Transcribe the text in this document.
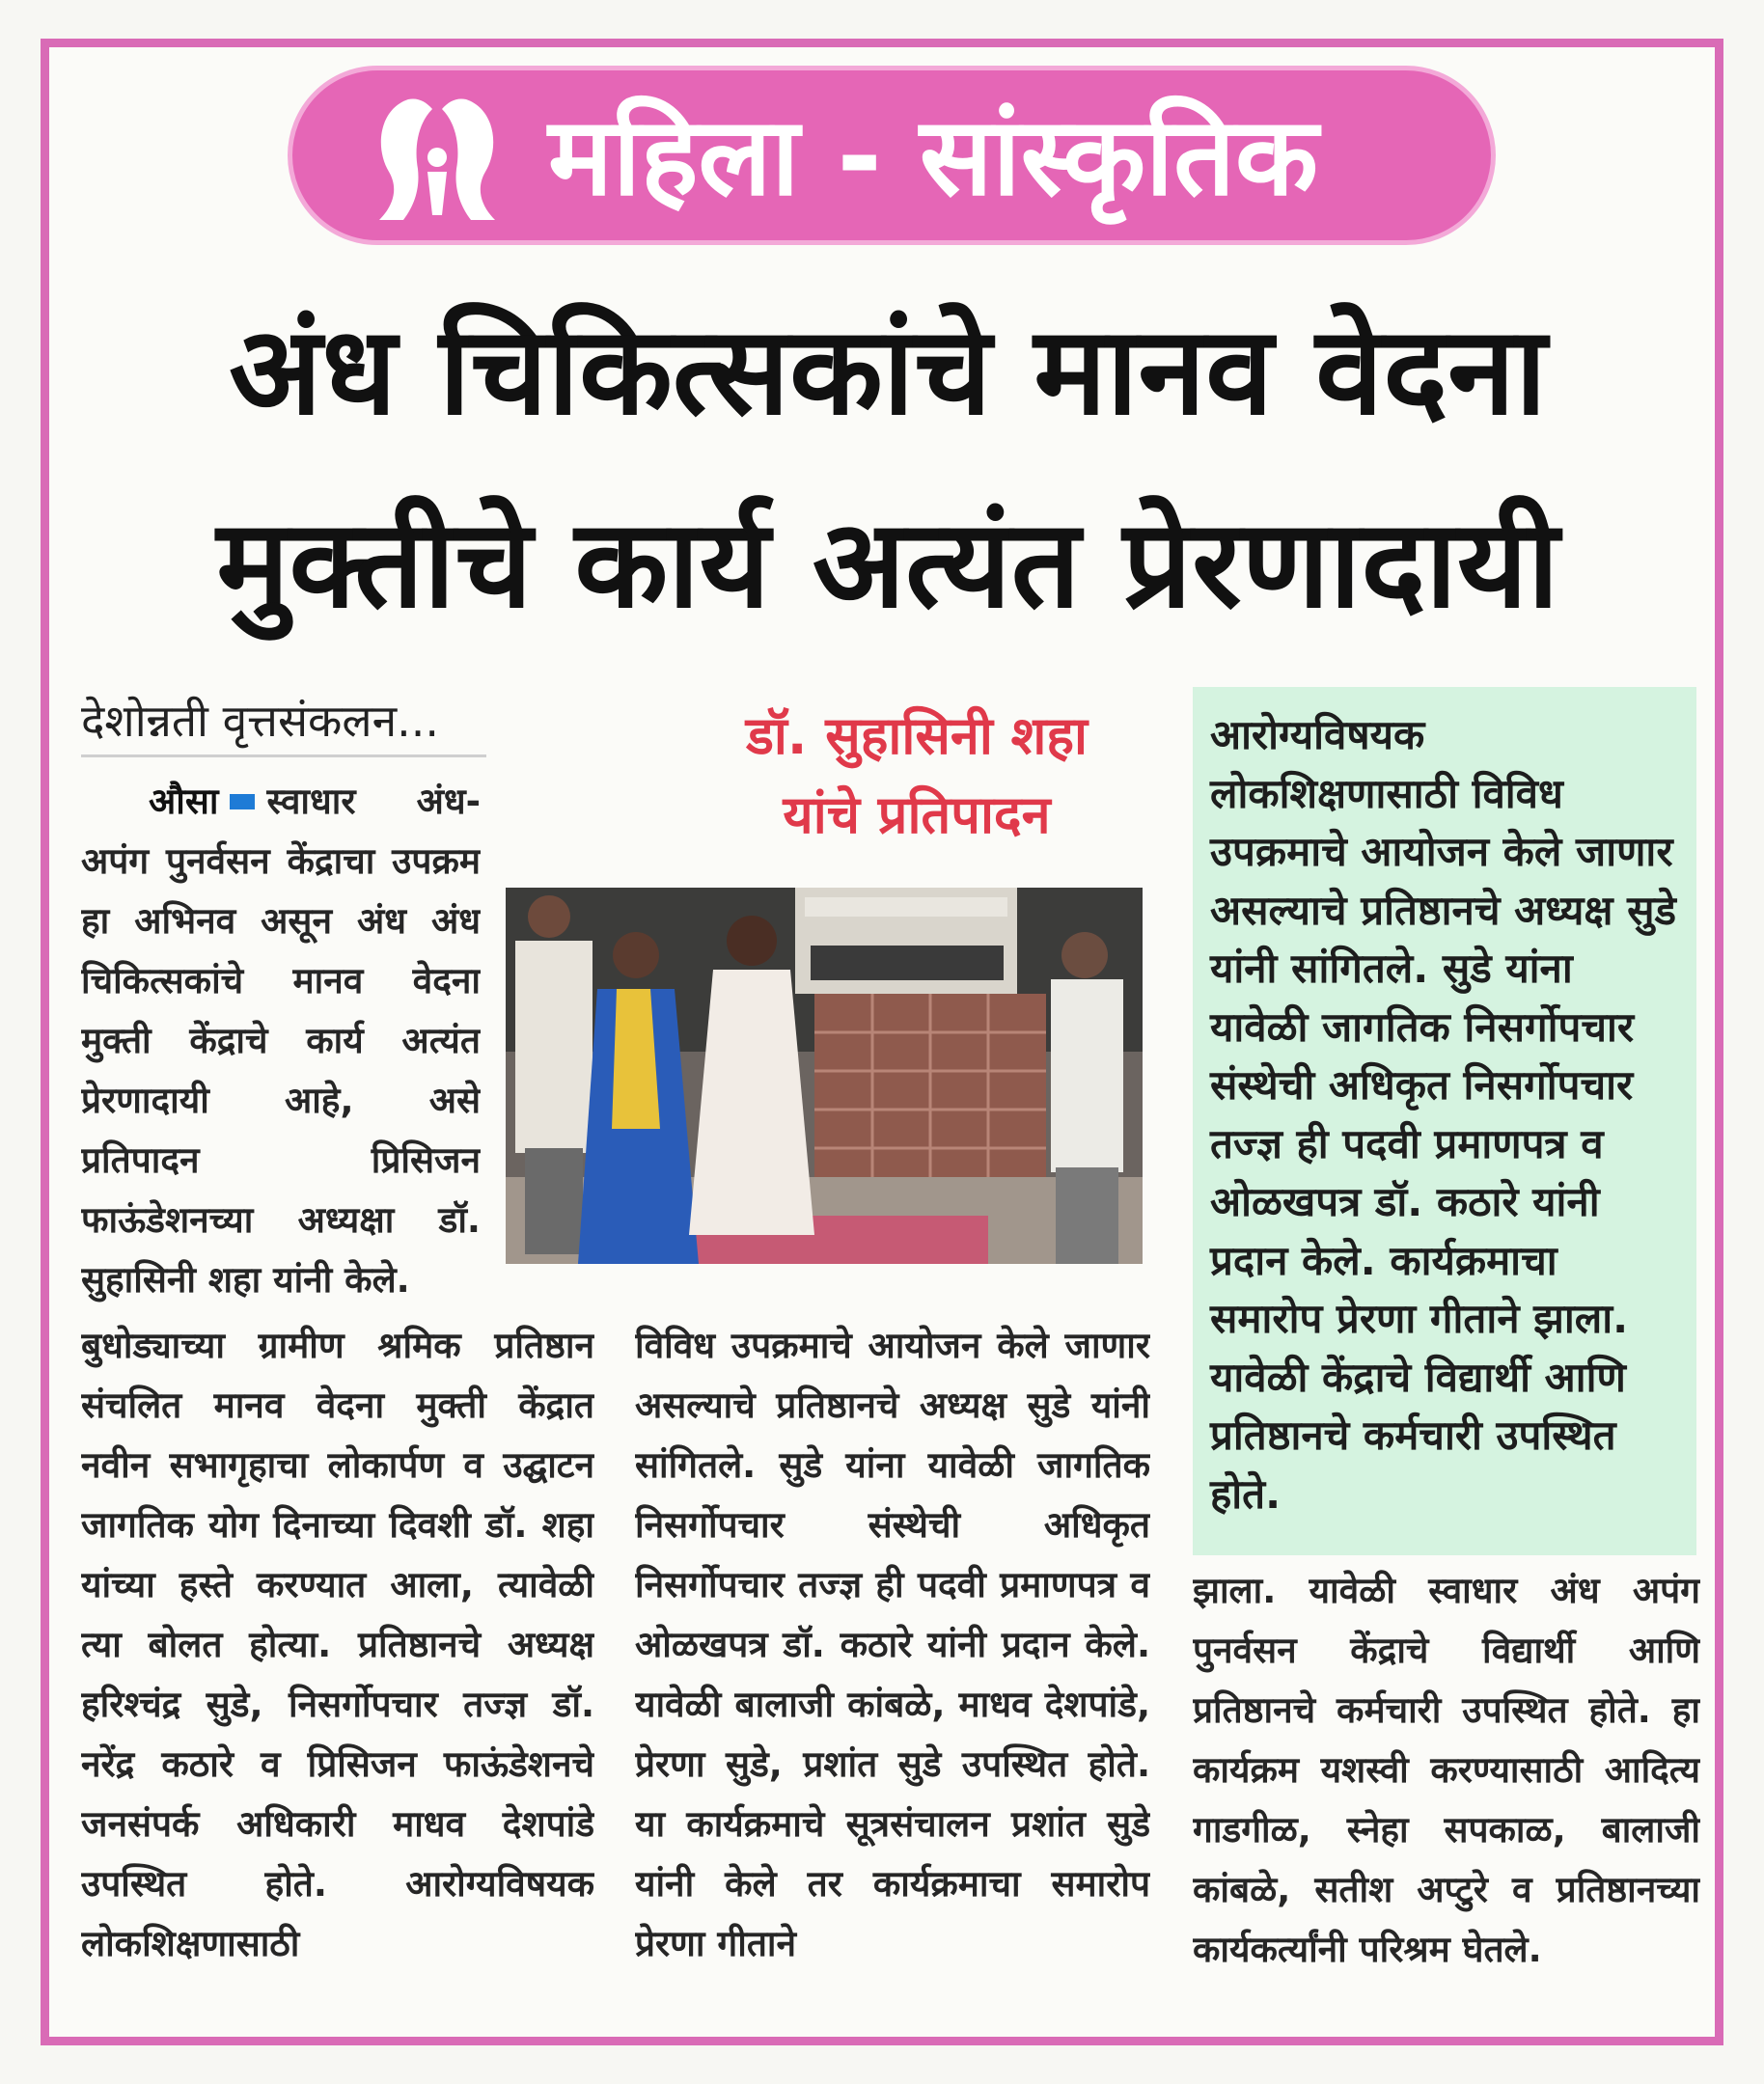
महिला - सांस्कृतिक
अंध चिकित्सकांचे मानव वेदना
मुक्तीचे कार्य अत्यंत प्रेरणादायी
देशोन्नती वृत्तसंकलन...	डॉ. सुहासिनी शहा
यांचे प्रतिपादन

आरोग्यविषयक लोकशिक्षणासाठी विविध उपक्रमाचे आयोजन केले जाणार असल्याचे प्रतिष्ठानचे अध्यक्ष सुडे यांनी सांगितले. सुडे यांना यावेळी जागतिक निसर्गोपचार संस्थेची अधिकृत निसर्गोपचार तज्ज्ञ ही पदवी प्रमाणपत्र व ओळखपत्र डॉ. कठारे यांनी प्रदान केले. कार्यक्रमाचा समारोप प्रेरणा गीताने झाला. यावेळी केंद्राचे विद्यार्थी आणि प्रतिष्ठानचे कर्मचारी उपस्थित होते.

औसा स्वाधार अंध-अपंग पुनर्वसन केंद्राचा उपक्रम हा अभिनव असून अंध अंध चिकित्सकांचे मानव वेदना मुक्ती केंद्राचे कार्य अत्यंत प्रेरणादायी आहे, असे प्रतिपादन प्रिसिजन फाऊंडेशनच्या अध्यक्षा डॉ. सुहासिनी शहा यांनी केले.

बुधोड्याच्या ग्रामीण श्रमिक प्रतिष्ठान संचलित मानव वेदना मुक्ती केंद्रात नवीन सभागृहाचा लोकार्पण व उद्घाटन जागतिक योग दिनाच्या दिवशी डॉ. शहा यांच्या हस्ते करण्यात आला, त्यावेळी त्या बोलत होत्या. प्रतिष्ठानचे अध्यक्ष हरिश्चंद्र सुडे, निसर्गोपचार तज्ज्ञ डॉ. नरेंद्र कठारे व प्रिसिजन फाऊंडेशनचे जनसंपर्क अधिकारी माधव देशपांडे उपस्थित होते. आरोग्यविषयक लोकशिक्षणासाठी

विविध उपक्रमाचे आयोजन केले जाणार असल्याचे प्रतिष्ठानचे अध्यक्ष सुडे यांनी सांगितले. सुडे यांना यावेळी जागतिक निसर्गोपचार संस्थेची अधिकृत निसर्गोपचार तज्ज्ञ ही पदवी प्रमाणपत्र व ओळखपत्र डॉ. कठारे यांनी प्रदान केले. यावेळी बालाजी कांबळे, माधव देशपांडे, प्रेरणा सुडे, प्रशांत सुडे उपस्थित होते. या कार्यक्रमाचे सूत्रसंचालन प्रशांत सुडे यांनी केले तर कार्यक्रमाचा समारोप प्रेरणा गीताने

झाला. यावेळी स्वाधार अंध अपंग पुनर्वसन केंद्राचे विद्यार्थी आणि प्रतिष्ठानचे कर्मचारी उपस्थित होते. हा कार्यक्रम यशस्वी करण्यासाठी आदित्य गाडगीळ, स्नेहा सपकाळ, बालाजी कांबळे, सतीश अप्टुरे व प्रतिष्ठानच्या कार्यकर्त्यांनी परिश्रम घेतले.
